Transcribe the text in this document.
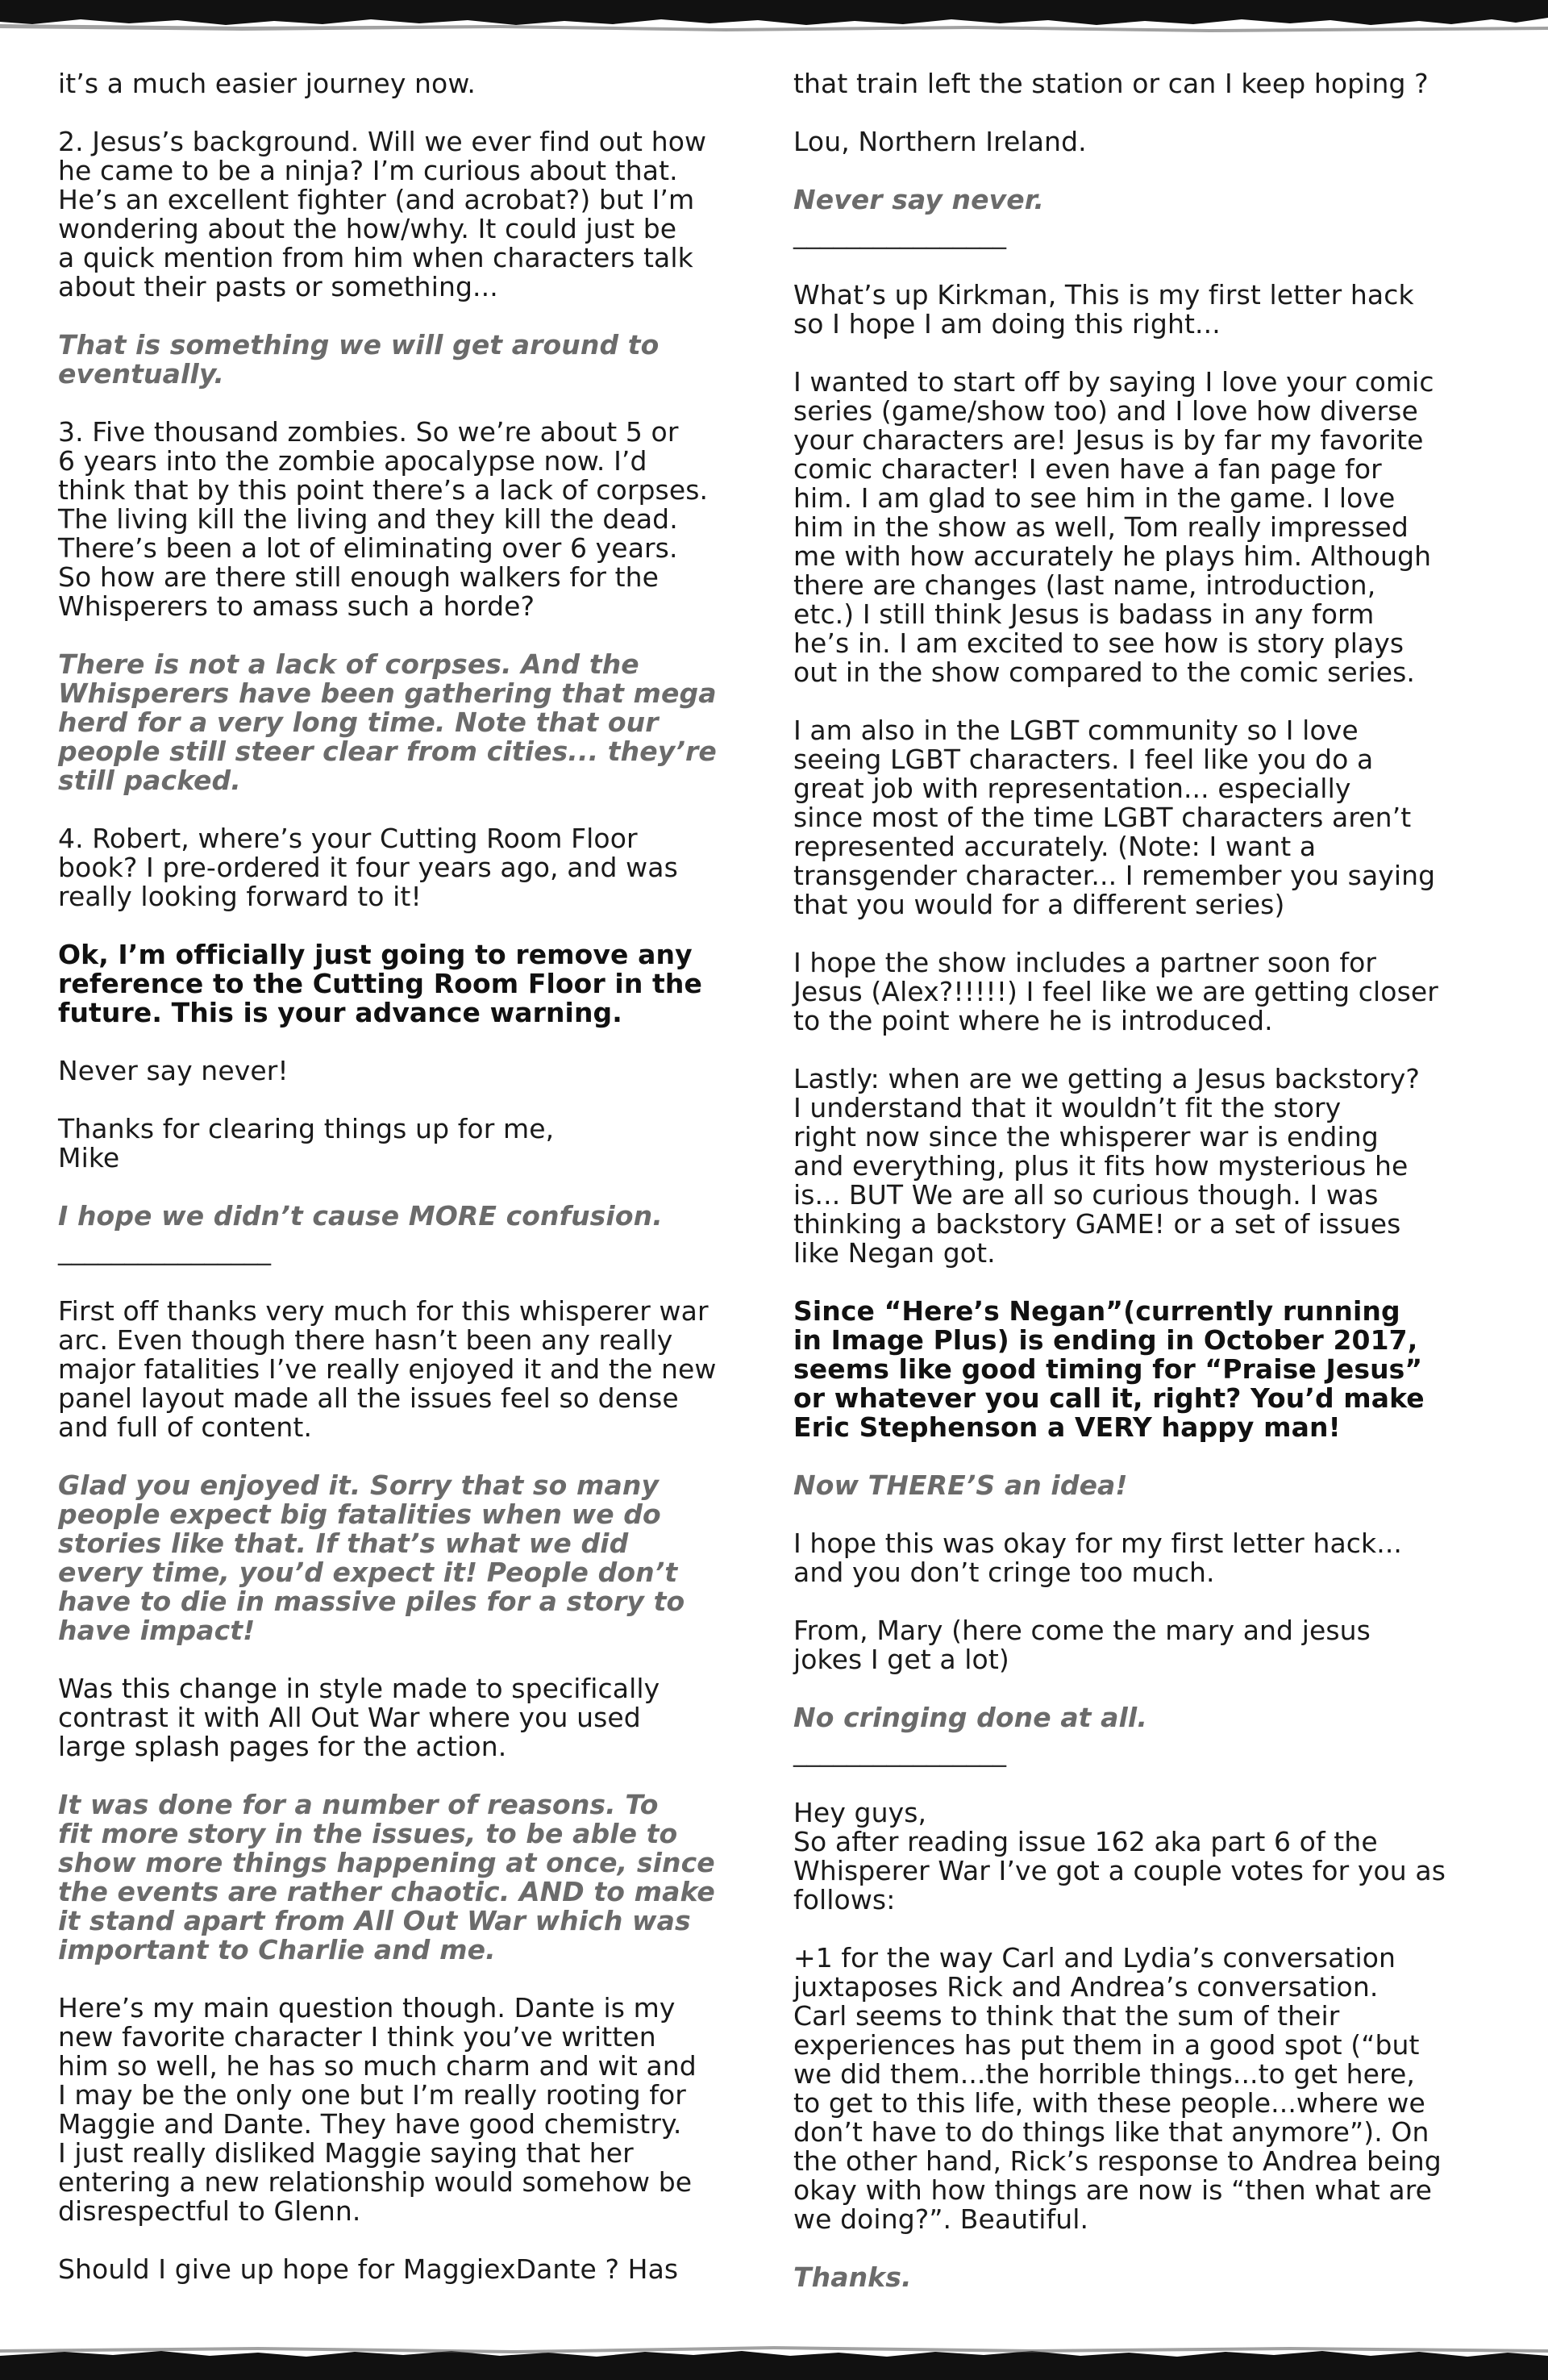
it’s a much easier journey now.

2. Jesus’s background. Will we ever find out how
he came to be a ninja? I’m curious about that.
He’s an excellent fighter (and acrobat?) but I’m
wondering about the how/why. It could just be
a quick mention from him when characters talk
about their pasts or something...

That is something we will get around to
eventually.

3. Five thousand zombies. So we’re about 5 or
6 years into the zombie apocalypse now. I’d
think that by this point there’s a lack of corpses.
The living kill the living and they kill the dead.
There’s been a lot of eliminating over 6 years.
So how are there still enough walkers for the
Whisperers to amass such a horde?

There is not a lack of corpses. And the
Whisperers have been gathering that mega
herd for a very long time. Note that our
people still steer clear from cities... they’re
still packed.

4. Robert, where’s your Cutting Room Floor
book? I pre-ordered it four years ago, and was
really looking forward to it!

Ok, I’m officially just going to remove any
reference to the Cutting Room Floor in the
future. This is your advance warning.

Never say never!

Thanks for clearing things up for me,
Mike

I hope we didn’t cause MORE confusion.

________________

First off thanks very much for this whisperer war
arc. Even though there hasn’t been any really
major fatalities I’ve really enjoyed it and the new
panel layout made all the issues feel so dense
and full of content.

Glad you enjoyed it. Sorry that so many
people expect big fatalities when we do
stories like that. If that’s what we did
every time, you’d expect it! People don’t
have to die in massive piles for a story to
have impact!

Was this change in style made to specifically
contrast it with All Out War where you used
large splash pages for the action.

It was done for a number of reasons. To
fit more story in the issues, to be able to
show more things happening at once, since
the events are rather chaotic. AND to make
it stand apart from All Out War which was
important to Charlie and me.

Here’s my main question though. Dante is my
new favorite character I think you’ve written
him so well, he has so much charm and wit and
I may be the only one but I’m really rooting for
Maggie and Dante. They have good chemistry.
I just really disliked Maggie saying that her
entering a new relationship would somehow be
disrespectful to Glenn.

Should I give up hope for MaggiexDante ? Has

that train left the station or can I keep hoping ?

Lou, Northern Ireland.

Never say never.

________________

What’s up Kirkman, This is my first letter hack
so I hope I am doing this right...

I wanted to start off by saying I love your comic
series (game/show too) and I love how diverse
your characters are! Jesus is by far my favorite
comic character! I even have a fan page for
him. I am glad to see him in the game. I love
him in the show as well, Tom really impressed
me with how accurately he plays him. Although
there are changes (last name, introduction,
etc.) I still think Jesus is badass in any form
he’s in. I am excited to see how is story plays
out in the show compared to the comic series.

I am also in the LGBT community so I love
seeing LGBT characters. I feel like you do a
great job with representation... especially
since most of the time LGBT characters aren’t
represented accurately. (Note: I want a
transgender character... I remember you saying
that you would for a different series)

I hope the show includes a partner soon for
Jesus (Alex?!!!!!) I feel like we are getting closer
to the point where he is introduced.

Lastly: when are we getting a Jesus backstory?
I understand that it wouldn’t fit the story
right now since the whisperer war is ending
and everything, plus it fits how mysterious he
is... BUT We are all so curious though. I was
thinking a backstory GAME! or a set of issues
like Negan got.

Since “Here’s Negan”(currently running
in Image Plus) is ending in October 2017,
seems like good timing for “Praise Jesus”
or whatever you call it, right? You’d make
Eric Stephenson a VERY happy man!

Now THERE’S an idea!

I hope this was okay for my first letter hack...
and you don’t cringe too much.

From, Mary (here come the mary and jesus
jokes I get a lot)

No cringing done at all.

________________

Hey guys,
So after reading issue 162 aka part 6 of the
Whisperer War I’ve got a couple votes for you as
follows:

+1 for the way Carl and Lydia’s conversation
juxtaposes Rick and Andrea’s conversation.
Carl seems to think that the sum of their
experiences has put them in a good spot (“but
we did them...the horrible things...to get here,
to get to this life, with these people...where we
don’t have to do things like that anymore”). On
the other hand, Rick’s response to Andrea being
okay with how things are now is “then what are
we doing?”. Beautiful.

Thanks.
